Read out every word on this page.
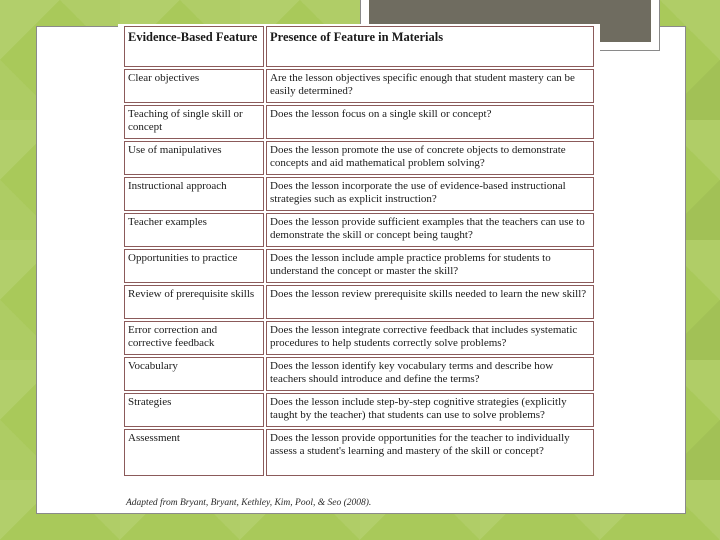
Evidence-Based Feature	Presence of Feature in Materials
Clear objectives	Are the lesson objectives specific enough that student mastery can be easily determined?
Teaching of single skill or concept	Does the lesson focus on a single skill or concept?
Use of manipulatives	Does the lesson promote the use of concrete objects to demonstrate concepts and aid mathematical problem solving?
Instructional approach	Does the lesson incorporate the use of evidence-based instructional strategies such as explicit instruction?
Teacher examples	Does the lesson provide sufficient examples that the teachers can use to demonstrate the skill or concept being taught?
Opportunities to practice	Does the lesson include ample practice problems for students to understand the concept or master the skill?
Review of prerequisite skills	Does the lesson review prerequisite skills needed to learn the new skill?
Error correction and corrective feedback	Does the lesson integrate corrective feedback that includes systematic procedures to help students correctly solve problems?
Vocabulary	Does the lesson identify key vocabulary terms and describe how teachers should introduce and define the terms?
Strategies	Does the lesson include step-by-step cognitive strategies (explicitly taught by the teacher) that students can use to solve problems?
Assessment	Does the lesson provide opportunities for the teacher to individually assess a student's learning and mastery of the skill or concept?
Adapted from Bryant, Bryant, Kethley, Kim, Pool, & Seo (2008).
